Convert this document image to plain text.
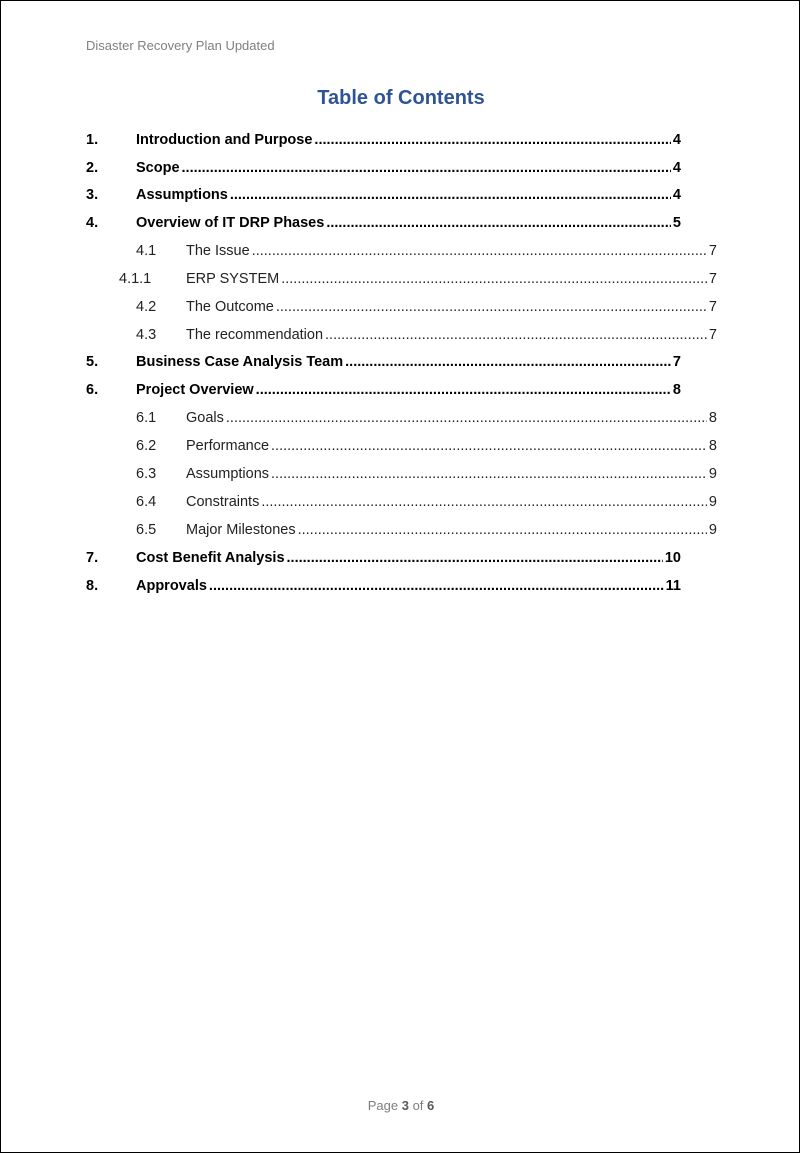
Disaster Recovery Plan Updated
Table of Contents
1.	Introduction and Purpose .....	4
2.	Scope .....	4
3.	Assumptions .....	4
4.	Overview of IT DRP Phases .....	5
4.1	The Issue .....	7
4.1.1	ERP SYSTEM .....	7
4.2	The Outcome .....	7
4.3	The recommendation .....	7
5.	Business Case Analysis Team .....	7
6.	Project Overview .....	8
6.1	Goals .....	8
6.2	Performance .....	8
6.3	Assumptions .....	9
6.4	Constraints .....	9
6.5	Major Milestones .....	9
7.	Cost Benefit Analysis .....	10
8.	Approvals .....	11
Page 3 of 6
